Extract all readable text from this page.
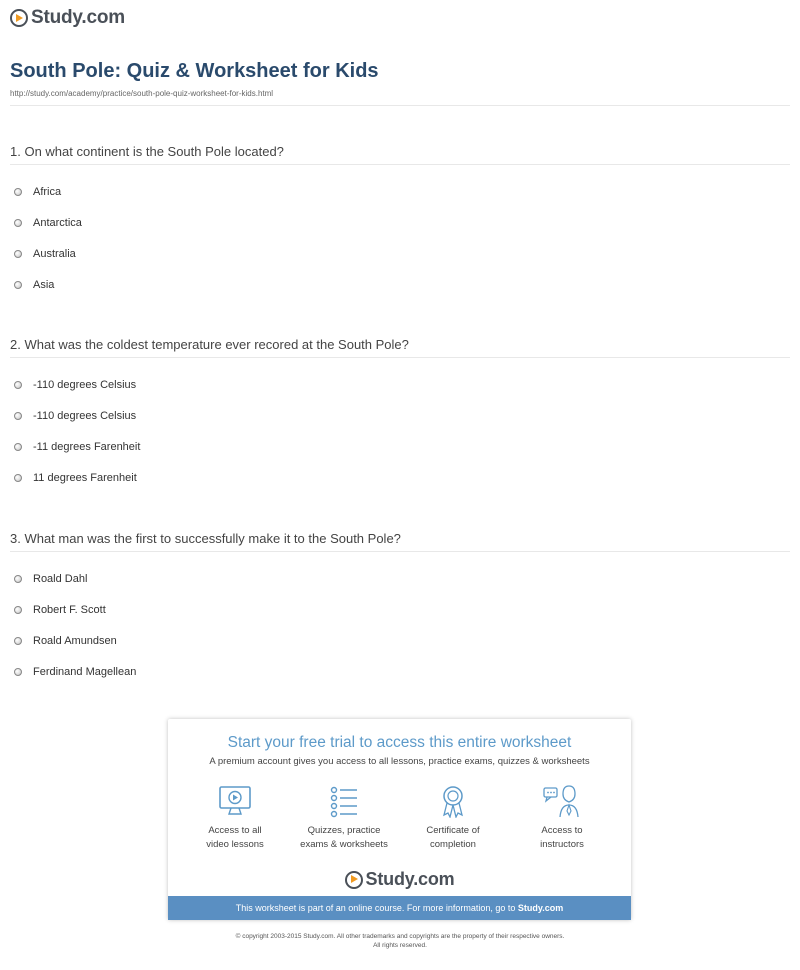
Study.com
South Pole: Quiz & Worksheet for Kids
http://study.com/academy/practice/south-pole-quiz-worksheet-for-kids.html
1. On what continent is the South Pole located?
Africa
Antarctica
Australia
Asia
2. What was the coldest temperature ever recored at the South Pole?
-110 degrees Celsius
-110 degrees Celsius
-11 degrees Farenheit
11 degrees Farenheit
3. What man was the first to successfully make it to the South Pole?
Roald Dahl
Robert F. Scott
Roald Amundsen
Ferdinand Magellean
Start your free trial to access this entire worksheet
A premium account gives you access to all lessons, practice exams, quizzes & worksheets
Access to all
video lessons
Quizzes, practice
exams & worksheets
Certificate of
completion
Access to
instructors
Study.com
This worksheet is part of an online course. For more information, go to Study.com
© copyright 2003-2015 Study.com. All other trademarks and copyrights are the property of their respective owners.
All rights reserved.
